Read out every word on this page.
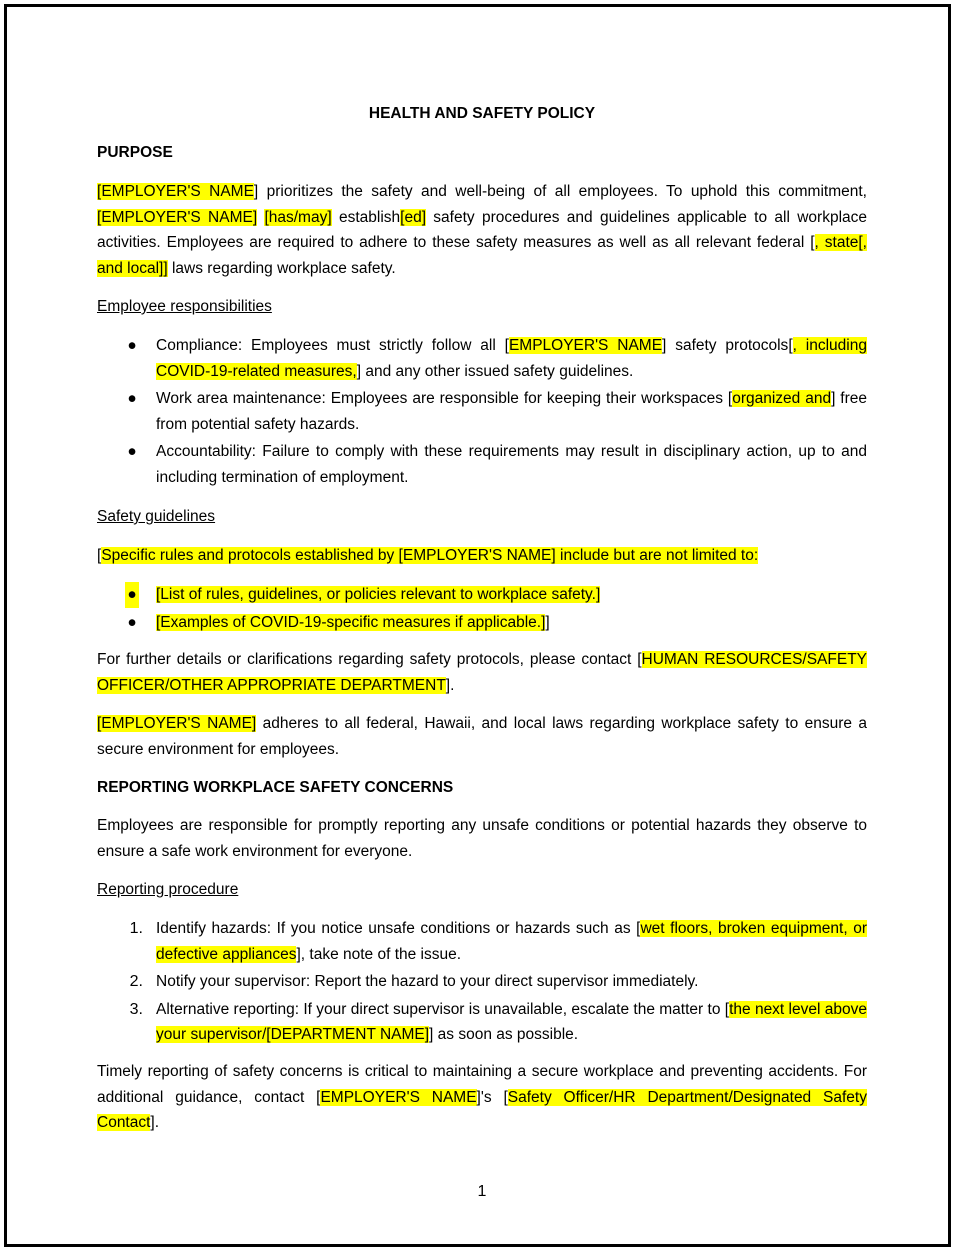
HEALTH AND SAFETY POLICY
PURPOSE
[EMPLOYER'S NAME] prioritizes the safety and well-being of all employees. To uphold this commitment, [EMPLOYER'S NAME] [has/may] establish[ed] safety procedures and guidelines applicable to all workplace activities. Employees are required to adhere to these safety measures as well as all relevant federal [, state[, and local]] laws regarding workplace safety.
Employee responsibilities
● Compliance: Employees must strictly follow all [EMPLOYER'S NAME] safety protocols[, including COVID-19-related measures,] and any other issued safety guidelines.
● Work area maintenance: Employees are responsible for keeping their workspaces [organized and] free from potential safety hazards.
● Accountability: Failure to comply with these requirements may result in disciplinary action, up to and including termination of employment.
Safety guidelines
[Specific rules and protocols established by [EMPLOYER'S NAME] include but are not limited to:
● [List of rules, guidelines, or policies relevant to workplace safety.]
● [Examples of COVID-19-specific measures if applicable.]]
For further details or clarifications regarding safety protocols, please contact [HUMAN RESOURCES/SAFETY OFFICER/OTHER APPROPRIATE DEPARTMENT].
[EMPLOYER'S NAME] adheres to all federal, Hawaii, and local laws regarding workplace safety to ensure a secure environment for employees.
REPORTING WORKPLACE SAFETY CONCERNS
Employees are responsible for promptly reporting any unsafe conditions or potential hazards they observe to ensure a safe work environment for everyone.
Reporting procedure
1. Identify hazards: If you notice unsafe conditions or hazards such as [wet floors, broken equipment, or defective appliances], take note of the issue.
2. Notify your supervisor: Report the hazard to your direct supervisor immediately.
3. Alternative reporting: If your direct supervisor is unavailable, escalate the matter to [the next level above your supervisor/[DEPARTMENT NAME]] as soon as possible.
Timely reporting of safety concerns is critical to maintaining a secure workplace and preventing accidents. For additional guidance, contact [EMPLOYER'S NAME]'s [Safety Officer/HR Department/Designated Safety Contact].
1
